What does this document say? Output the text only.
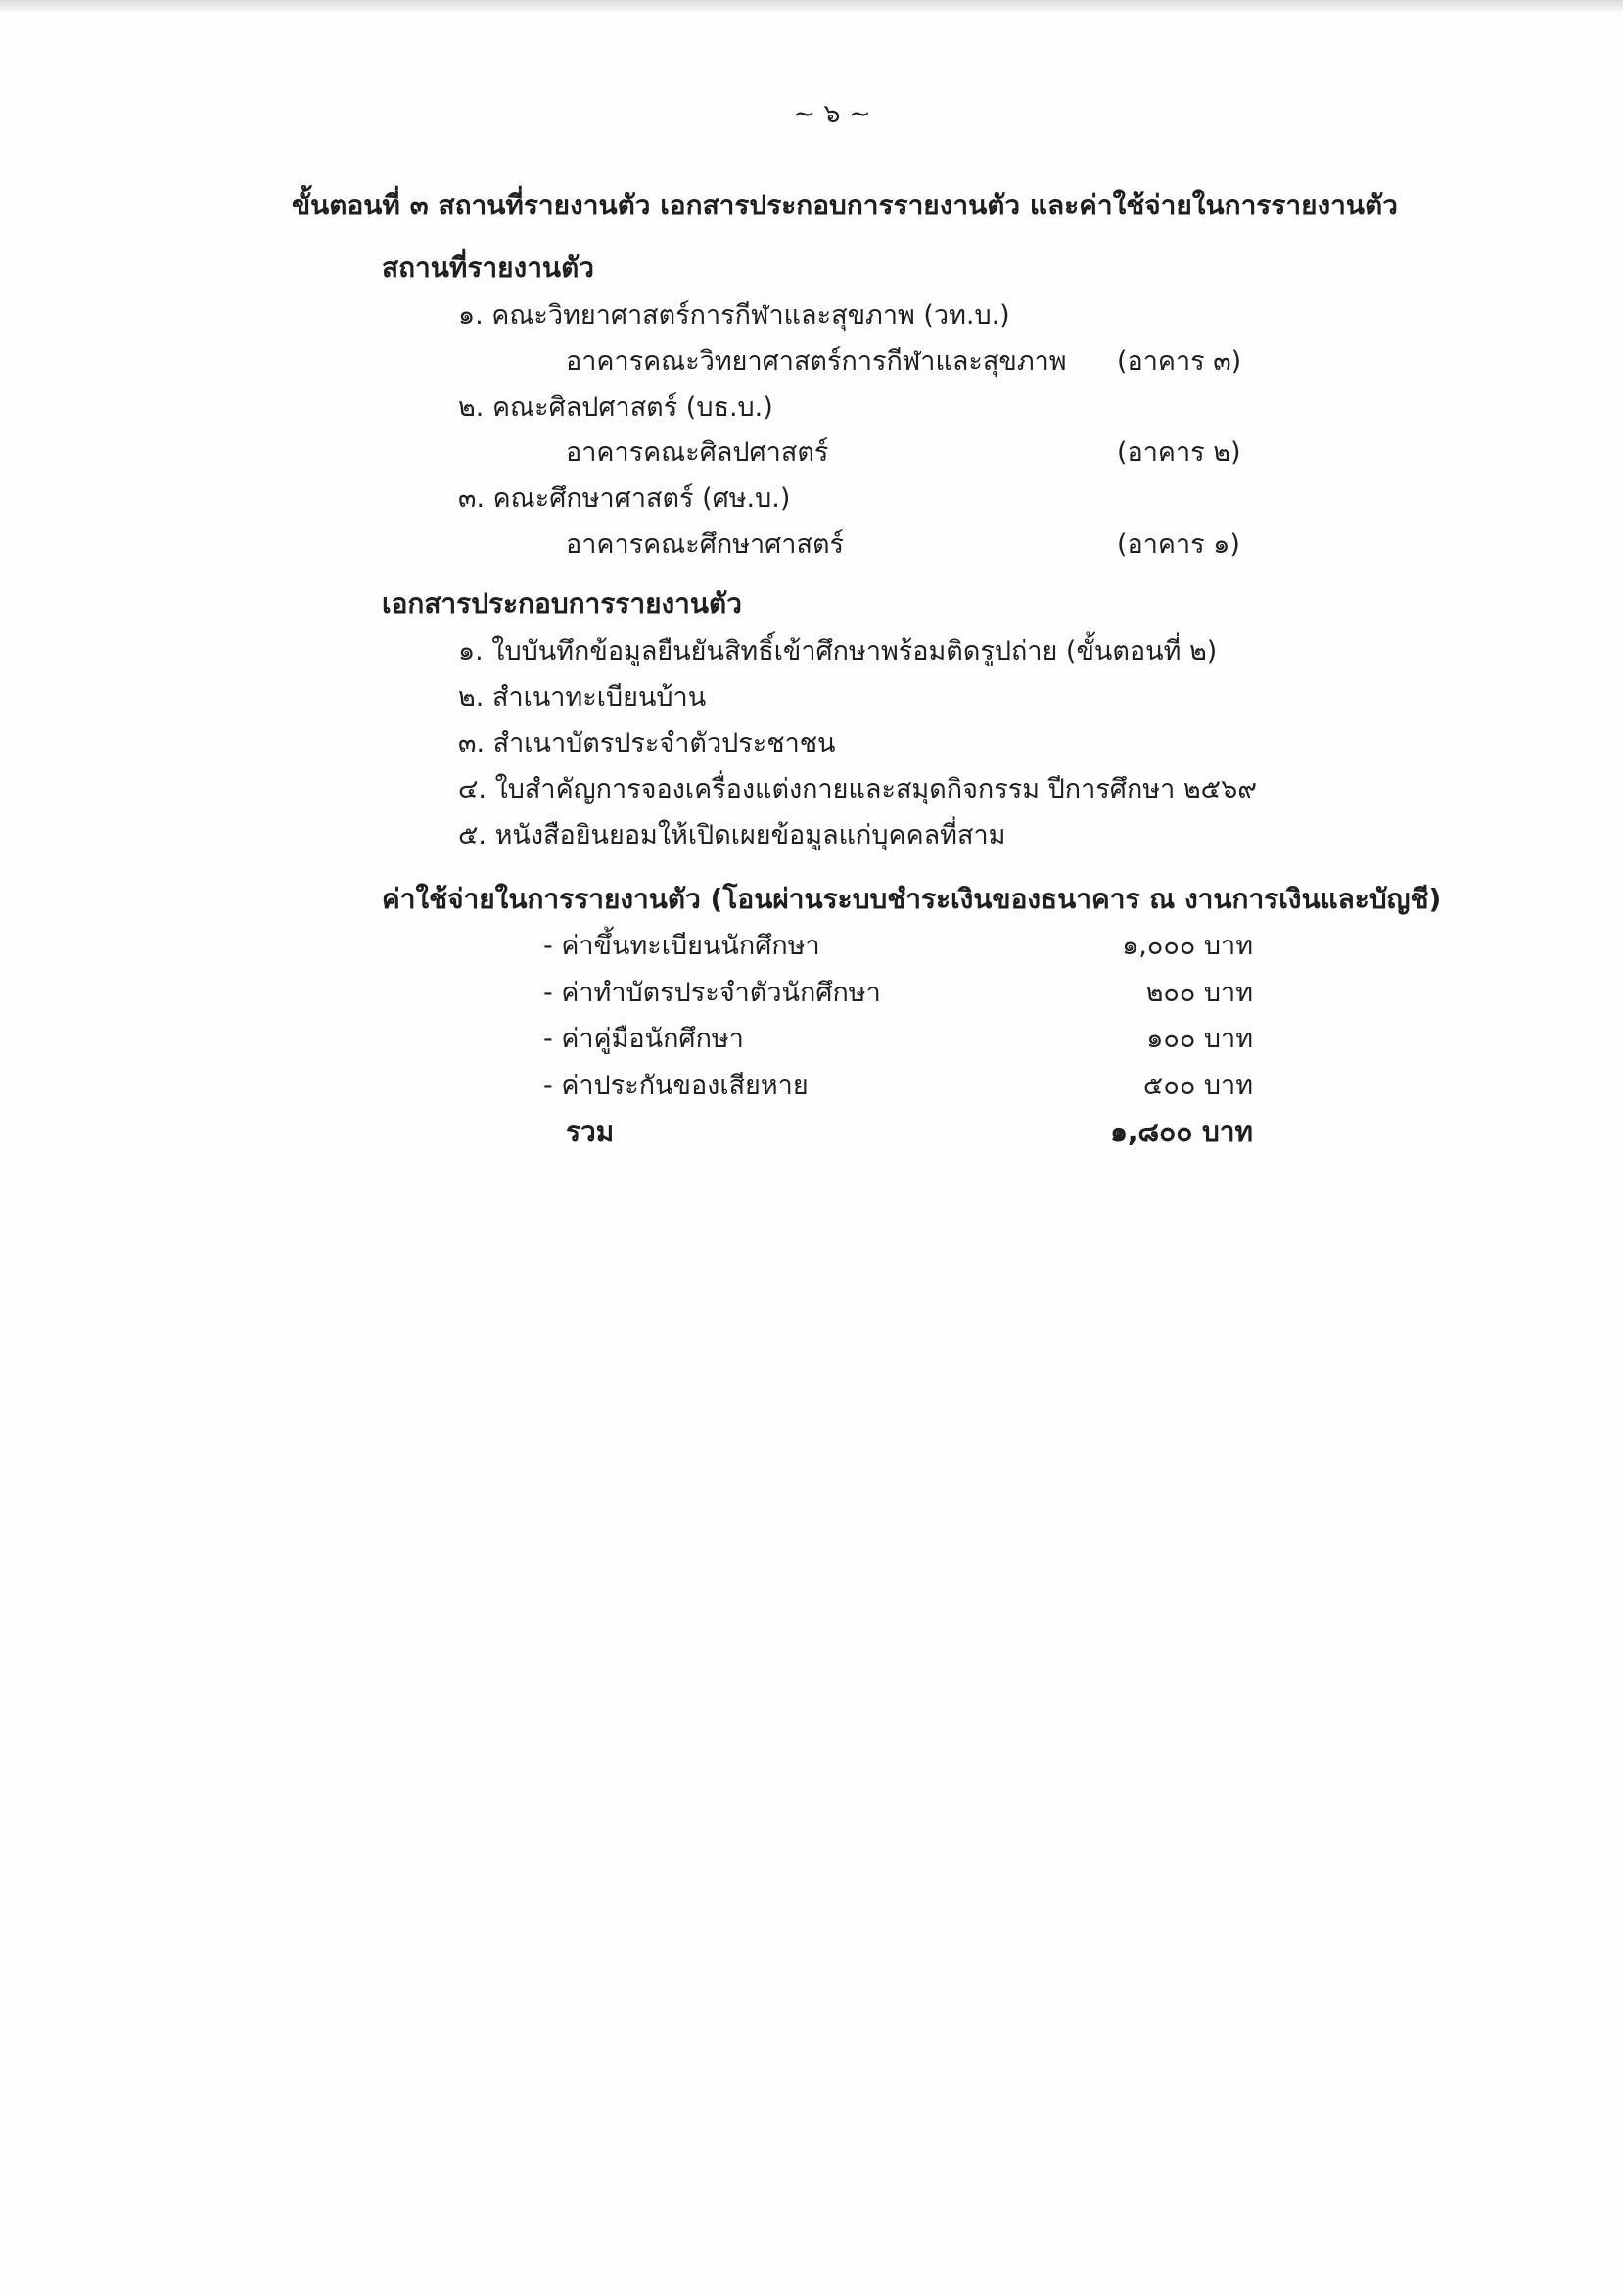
~ ๖ ~
ขั้นตอนที่ ๓ สถานที่รายงานตัว เอกสารประกอบการรายงานตัว และค่าใช้จ่ายในการรายงานตัว
สถานที่รายงานตัว
๑. คณะวิทยาศาสตร์การกีฬาและสุขภาพ (วท.บ.)
อาคารคณะวิทยาศาสตร์การกีฬาและสุขภาพ (อาคาร ๓)
๒. คณะศิลปศาสตร์ (บธ.บ.)
อาคารคณะศิลปศาสตร์	(อาคาร ๒)
๓. คณะศึกษาศาสตร์ (ศษ.บ.)
อาคารคณะศึกษาศาสตร์	(อาคาร ๑)
เอกสารประกอบการรายงานตัว
๑. ใบบันทึกข้อมูลยืนยันสิทธิ์เข้าศึกษาพร้อมติดรูปถ่าย (ขั้นตอนที่ ๒)
๒. สำเนาทะเบียนบ้าน
๓. สำเนาบัตรประจำตัวประชาชน
๔. ใบสำคัญการจองเครื่องแต่งกายและสมุดกิจกรรม ปีการศึกษา ๒๕๖๙
๕. หนังสือยินยอมให้เปิดเผยข้อมูลแก่บุคคลที่สาม
ค่าใช้จ่ายในการรายงานตัว (โอนผ่านระบบชำระเงินของธนาคาร ณ งานการเงินและบัญชี)
- ค่าขึ้นทะเบียนนักศึกษา	๑,๐๐๐ บาท
- ค่าทำบัตรประจำตัวนักศึกษา	๒๐๐ บาท
- ค่าคู่มือนักศึกษา	๑๐๐ บาท
- ค่าประกันของเสียหาย	๕๐๐ บาท
รวม	๑,๘๐๐ บาท
